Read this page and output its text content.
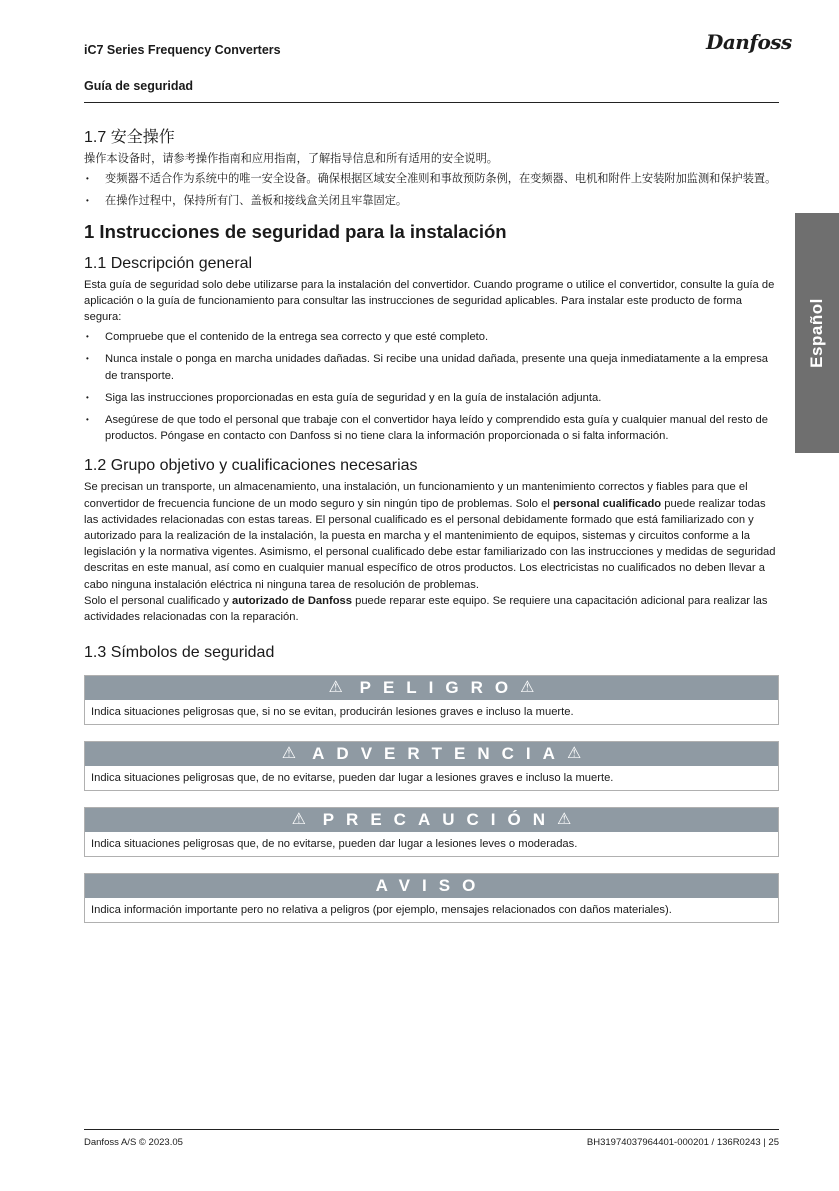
iC7 Series Frequency Converters	Danfoss
Guía de seguridad
Español
1.7 安全操作

操作本设备时，请参考操作指南和应用指南，了解指导信息和所有适用的安全说明。

• 变频器不适合作为系统中的唯一安全设备。确保根据区域安全准则和事故预防条例，在变频器、电机和附件上安装附加监测和保护装置。
• 在操作过程中，保持所有门、盖板和接线盒关闭且牢靠固定。
1 Instrucciones de seguridad para la instalación
1.1 Descripción general

Esta guía de seguridad solo debe utilizarse para la instalación del convertidor. Cuando programe o utilice el convertidor, consulte la guía de aplicación o la guía de funcionamiento para consultar las instrucciones de seguridad aplicables. Para instalar este producto de forma segura:

• Compruebe que el contenido de la entrega sea correcto y que esté completo.
• Nunca instale o ponga en marcha unidades dañadas. Si recibe una unidad dañada, presente una queja inmediatamente a la empresa de transporte.
• Siga las instrucciones proporcionadas en esta guía de seguridad y en la guía de instalación adjunta.
• Asegúrese de que todo el personal que trabaje con el convertidor haya leído y comprendido esta guía y cualquier manual del resto de productos. Póngase en contacto con Danfoss si no tiene clara la información proporcionada o si falta información.
1.2 Grupo objetivo y cualificaciones necesarias

Se precisan un transporte, un almacenamiento, una instalación, un funcionamiento y un mantenimiento correctos y fiables para que el convertidor de frecuencia funcione de un modo seguro y sin ningún tipo de problemas. Solo el personal cualificado puede realizar todas las actividades relacionadas con estas tareas. El personal cualificado es el personal debidamente formado que está familiarizado con y autorizado para la realización de la instalación, la puesta en marcha y el mantenimiento de equipos, sistemas y circuitos conforme a la legislación y la normativa vigentes. Asimismo, el personal cualificado debe estar familiarizado con las instrucciones y medidas de seguridad descritas en este manual, así como en cualquier manual específico de otros productos. Los electricistas no cualificados no deben llevar a cabo ninguna instalación eléctrica ni ninguna tarea de resolución de problemas.

Solo el personal cualificado y autorizado de Danfoss puede reparar este equipo. Se requiere una capacitación adicional para realizar las actividades relacionadas con la reparación.

1.3 Símbolos de seguridad
⚠ PELIGRO⚠
Indica situaciones peligrosas que, si no se evitan, producirán lesiones graves e incluso la muerte.
⚠ ADVERTENCIA⚠
Indica situaciones peligrosas que, de no evitarse, pueden dar lugar a lesiones graves e incluso la muerte.
⚠ PRECAUCIÓN⚠
Indica situaciones peligrosas que, de no evitarse, pueden dar lugar a lesiones leves o moderadas.
AVISO
Indica información importante pero no relativa a peligros (por ejemplo, mensajes relacionados con daños materiales).
Danfoss A/S © 2023.05	BH31974037964401-000201 / 136R0243 | 25
